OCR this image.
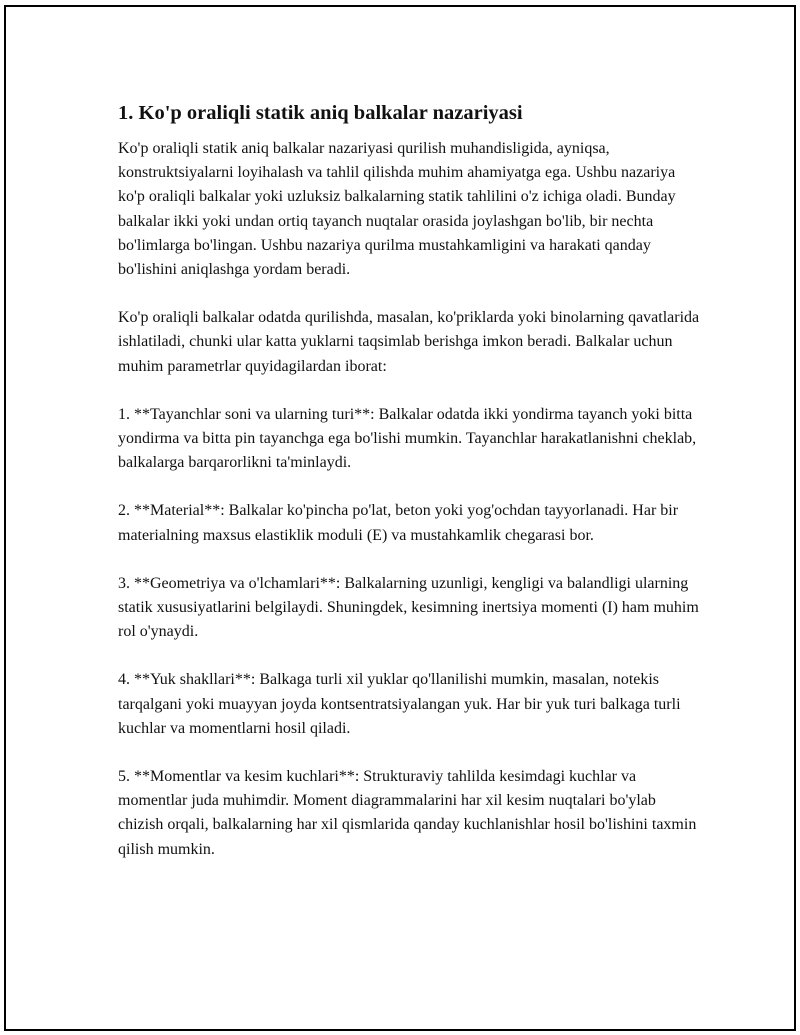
1. Ko'p oraliqli statik aniq balkalar nazariyasi

Ko'p oraliqli statik aniq balkalar nazariyasi qurilish muhandisligida, ayniqsa, konstruktsiyalarni loyihalash va tahlil qilishda muhim ahamiyatga ega. Ushbu nazariya ko'p oraliqli balkalar yoki uzluksiz balkalarning statik tahlilini o'z ichiga oladi. Bunday balkalar ikki yoki undan ortiq tayanch nuqtalar orasida joylashgan bo'lib, bir nechta bo'limlarga bo'lingan. Ushbu nazariya qurilma mustahkamligini va harakati qanday bo'lishini aniqlashga yordam beradi.

Ko'p oraliqli balkalar odatda qurilishda, masalan, ko'priklarda yoki binolarning qavatlarida ishlatiladi, chunki ular katta yuklarni taqsimlab berishga imkon beradi. Balkalar uchun muhim parametrlar quyidagilardan iborat:

1. **Tayanchlar soni va ularning turi**: Balkalar odatda ikki yondirma tayanch yoki bitta yondirma va bitta pin tayanchga ega bo'lishi mumkin. Tayanchlar harakatlanishni cheklab, balkalarga barqarorlikni ta'minlaydi.

2. **Material**: Balkalar ko'pincha po'lat, beton yoki yog'ochdan tayyorlanadi. Har bir materialning maxsus elastiklik moduli (E) va mustahkamlik chegarasi bor.

3. **Geometriya va o'lchamlari**: Balkalarning uzunligi, kengligi va balandligi ularning statik xususiyatlarini belgilaydi. Shuningdek, kesimning inertsiya momenti (I) ham muhim rol o'ynaydi.

4. **Yuk shakllari**: Balkaga turli xil yuklar qo'llanilishi mumkin, masalan, notekis tarqalgani yoki muayyan joyda kontsentratsiyalangan yuk. Har bir yuk turi balkaga turli kuchlar va momentlarni hosil qiladi.

5. **Momentlar va kesim kuchlari**: Strukturaviy tahlilda kesimdagi kuchlar va momentlar juda muhimdir. Moment diagrammalarini har xil kesim nuqtalari bo'ylab chizish orqali, balkalarning har xil qismlarida qanday kuchlanishlar hosil bo'lishini taxmin qilish mumkin.
